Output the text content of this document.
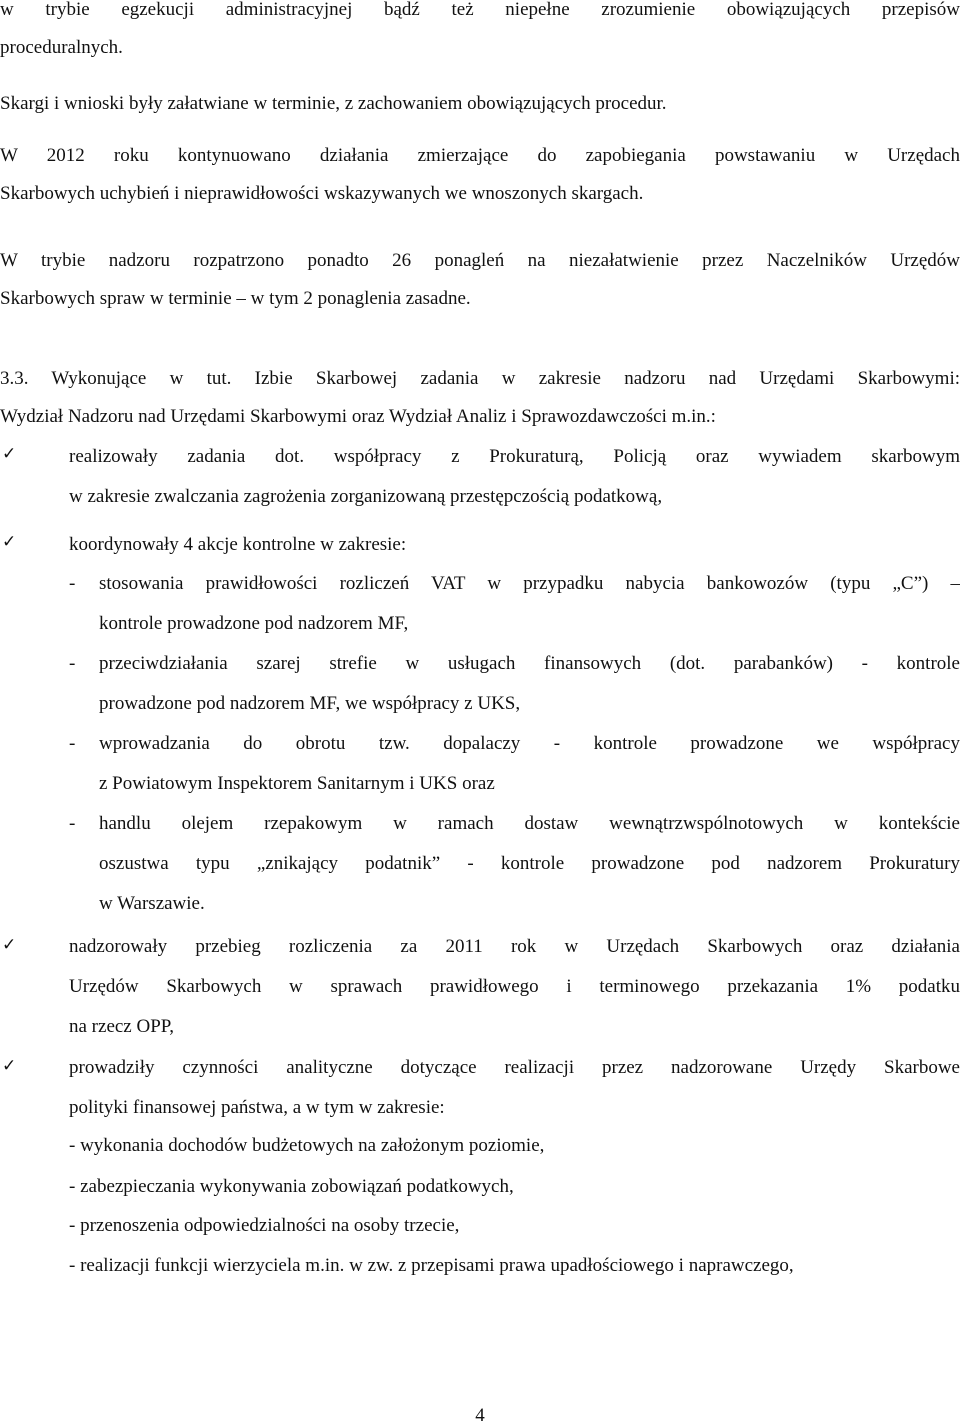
w trybie egzekucji administracyjnej bądź też niepełne zrozumienie obowiązujących przepisów
proceduralnych.
Skargi i wnioski były załatwiane w terminie, z zachowaniem obowiązujących procedur.
W 2012 roku kontynuowano działania zmierzające do zapobiegania powstawaniu w Urzędach
Skarbowych uchybień i nieprawidłowości wskazywanych we wnoszonych skargach.
W trybie nadzoru rozpatrzono ponadto 26 ponagleń na niezałatwienie przez Naczelników Urzędów
Skarbowych spraw w terminie – w tym 2 ponaglenia zasadne.
3.3. Wykonujące w tut. Izbie Skarbowej zadania w zakresie nadzoru nad Urzędami Skarbowymi:
Wydział Nadzoru nad Urzędami Skarbowymi oraz Wydział Analiz i Sprawozdawczości m.in.:
✓	realizowały zadania dot. współpracy z Prokuraturą, Policją oraz wywiadem skarbowym
w zakresie zwalczania zagrożenia zorganizowaną przestępczością podatkową,
✓	koordynowały 4 akcje kontrolne w zakresie:
- stosowania prawidłowości rozliczeń VAT w przypadku nabycia bankowozów (typu „C”) –
kontrole prowadzone pod nadzorem MF,
- przeciwdziałania szarej strefie w usługach finansowych (dot. parabanków) - kontrole
prowadzone pod nadzorem MF, we współpracy z UKS,
- wprowadzania do obrotu tzw. dopalaczy - kontrole prowadzone we współpracy
z Powiatowym Inspektorem Sanitarnym i UKS oraz
- handlu olejem rzepakowym w ramach dostaw wewnątrzwspólnotowych w kontekście
oszustwa typu „znikający podatnik” - kontrole prowadzone pod nadzorem Prokuratury
w Warszawie.
✓	nadzorowały przebieg rozliczenia za 2011 rok w Urzędach Skarbowych oraz działania
Urzędów Skarbowych w sprawach prawidłowego i terminowego przekazania 1% podatku
na rzecz OPP,
✓	prowadziły czynności analityczne dotyczące realizacji przez nadzorowane Urzędy Skarbowe
polityki finansowej państwa, a w tym w zakresie:
- wykonania dochodów budżetowych na założonym poziomie,
- zabezpieczania wykonywania zobowiązań podatkowych,
- przenoszenia odpowiedzialności na osoby trzecie,
- realizacji funkcji wierzyciela m.in. w zw. z przepisami prawa upadłościowego i naprawczego,
4
